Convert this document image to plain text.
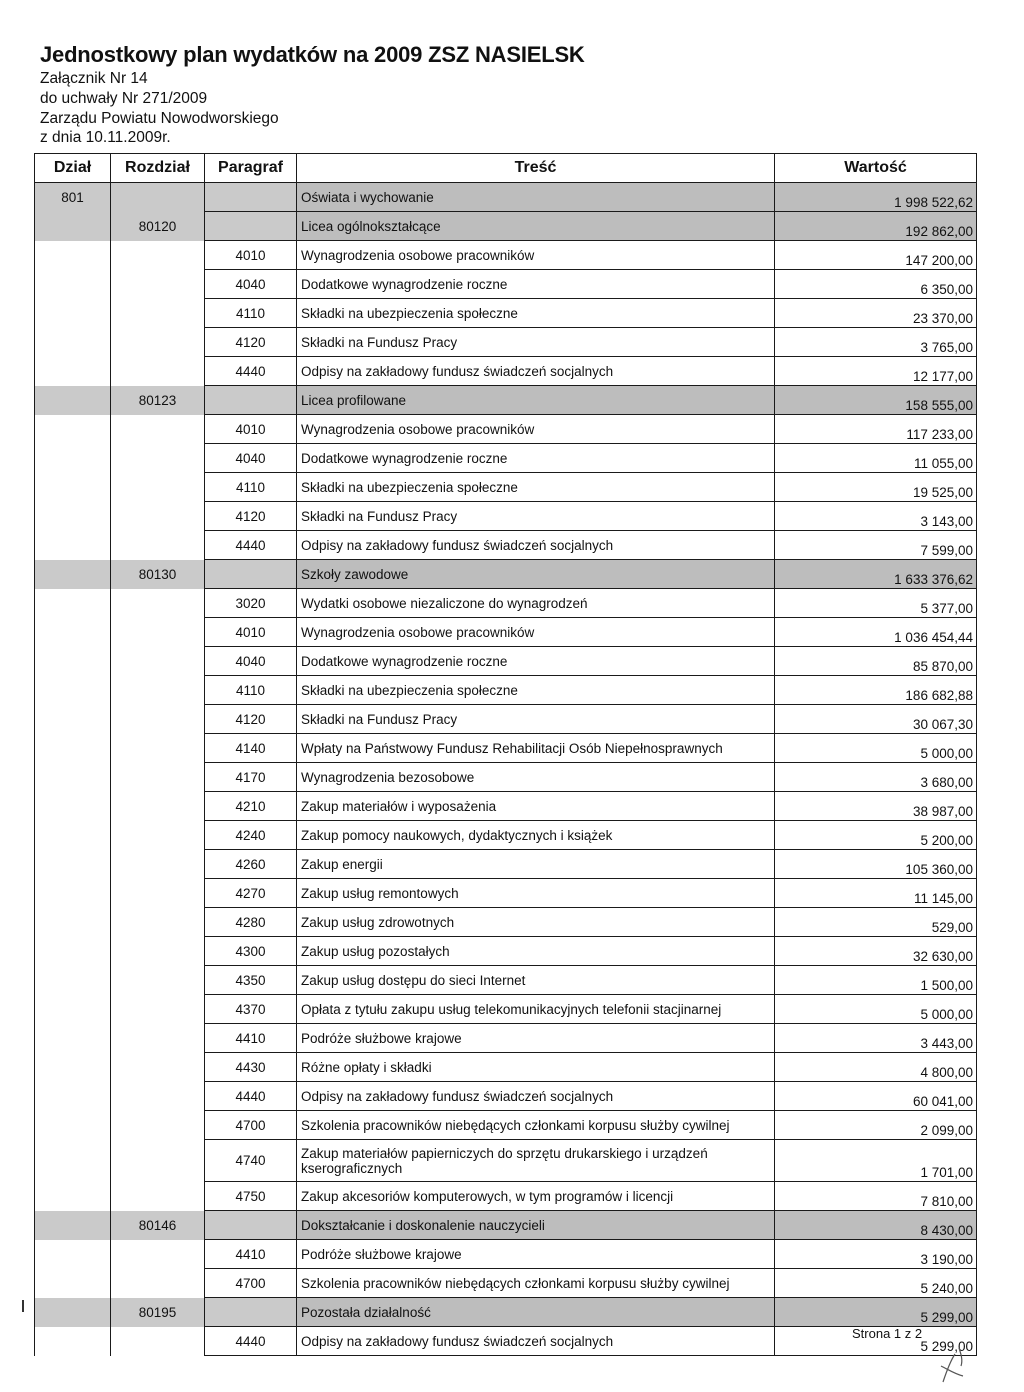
Jednostkowy plan wydatków na 2009 ZSZ NASIELSK
Załącznik Nr 14
do uchwały Nr 271/2009
Zarządu Powiatu Nowodworskiego
z dnia 10.11.2009r.
Dział	Rozdział	Paragraf	Treść	Wartość
801			Oświata i wychowanie	1 998 522,62
	80120		Licea ogólnokształcące	192 862,00
		4010	Wynagrodzenia osobowe pracowników	147 200,00
		4040	Dodatkowe wynagrodzenie roczne	6 350,00
		4110	Składki na ubezpieczenia społeczne	23 370,00
		4120	Składki na Fundusz Pracy	3 765,00
		4440	Odpisy na zakładowy fundusz świadczeń socjalnych	12 177,00
	80123		Licea profilowane	158 555,00
		4010	Wynagrodzenia osobowe pracowników	117 233,00
		4040	Dodatkowe wynagrodzenie roczne	11 055,00
		4110	Składki na ubezpieczenia społeczne	19 525,00
		4120	Składki na Fundusz Pracy	3 143,00
		4440	Odpisy na zakładowy fundusz świadczeń socjalnych	7 599,00
	80130		Szkoły zawodowe	1 633 376,62
		3020	Wydatki osobowe niezaliczone do wynagrodzeń	5 377,00
		4010	Wynagrodzenia osobowe pracowników	1 036 454,44
		4040	Dodatkowe wynagrodzenie roczne	85 870,00
		4110	Składki na ubezpieczenia społeczne	186 682,88
		4120	Składki na Fundusz Pracy	30 067,30
		4140	Wpłaty na Państwowy Fundusz Rehabilitacji Osób Niepełnosprawnych	5 000,00
		4170	Wynagrodzenia bezosobowe	3 680,00
		4210	Zakup materiałów i wyposażenia	38 987,00
		4240	Zakup pomocy naukowych, dydaktycznych i książek	5 200,00
		4260	Zakup energii	105 360,00
		4270	Zakup usług remontowych	11 145,00
		4280	Zakup usług zdrowotnych	529,00
		4300	Zakup usług pozostałych	32 630,00
		4350	Zakup usług dostępu do sieci Internet	1 500,00
		4370	Opłata z tytułu zakupu usług telekomunikacyjnych telefonii stacjinarnej	5 000,00
		4410	Podróże służbowe krajowe	3 443,00
		4430	Różne opłaty i składki	4 800,00
		4440	Odpisy na zakładowy fundusz świadczeń socjalnych	60 041,00
		4700	Szkolenia pracowników niebędących członkami korpusu służby cywilnej	2 099,00
		4740	Zakup materiałów papierniczych do sprzętu drukarskiego i urządzeń kserograficznych	1 701,00
		4750	Zakup akcesoriów komputerowych, w tym programów i licencji	7 810,00
	80146		Dokształcanie i doskonalenie nauczycieli	8 430,00
		4410	Podróże służbowe krajowe	3 190,00
		4700	Szkolenia pracowników niebędących członkami korpusu służby cywilnej	5 240,00
	80195		Pozostała działalność	5 299,00
		4440	Odpisy na zakładowy fundusz świadczeń socjalnych	5 299,00
Strona 1 z 2
